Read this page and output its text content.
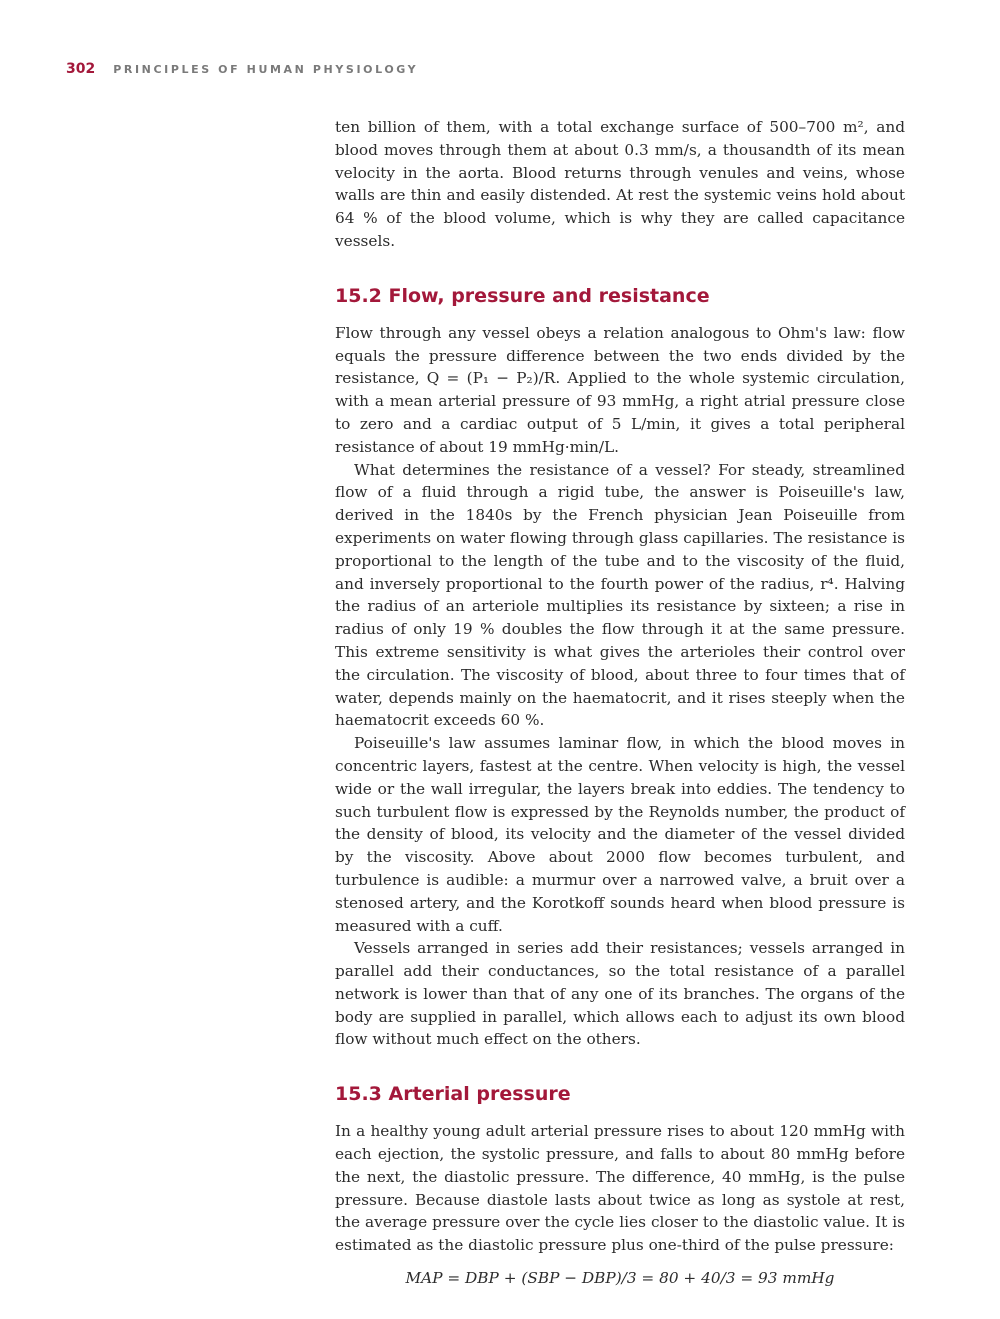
302 PRINCIPLES OF HUMAN PHYSIOLOGY

ten billion of them, with a total exchange surface of 500–700 m², and blood moves through them at about 0.3 mm/s, a thousandth of its mean velocity in the aorta. Blood returns through venules and veins, whose walls are thin and easily distended. At rest the systemic veins hold about 64 % of the blood volume, which is why they are called capacitance vessels.

15.2 Flow, pressure and resistance

Flow through any vessel obeys a relation analogous to Ohm's law: flow equals the pressure difference between the two ends divided by the resistance, Q = (P₁ − P₂)/R. Applied to the whole systemic circulation, with a mean arterial pressure of 93 mmHg, a right atrial pressure close to zero and a cardiac output of 5 L/min, it gives a total peripheral resistance of about 19 mmHg·min/L.

What determines the resistance of a vessel? For steady, streamlined flow of a fluid through a rigid tube, the answer is Poiseuille's law, derived in the 1840s by the French physician Jean Poiseuille from experiments on water flowing through glass capillaries. The resistance is proportional to the length of the tube and to the viscosity of the fluid, and inversely proportional to the fourth power of the radius, r⁴. Halving the radius of an arteriole multiplies its resistance by sixteen; a rise in radius of only 19 % doubles the flow through it at the same pressure. This extreme sensitivity is what gives the arterioles their control over the circulation. The viscosity of blood, about three to four times that of water, depends mainly on the haematocrit, and it rises steeply when the haematocrit exceeds 60 %.

Poiseuille's law assumes laminar flow, in which the blood moves in concentric layers, fastest at the centre. When velocity is high, the vessel wide or the wall irregular, the layers break into eddies. The tendency to such turbulent flow is expressed by the Reynolds number, the product of the density of blood, its velocity and the diameter of the vessel divided by the viscosity. Above about 2000 flow becomes turbulent, and turbulence is audible: a murmur over a narrowed valve, a bruit over a stenosed artery, and the Korotkoff sounds heard when blood pressure is measured with a cuff.

Vessels arranged in series add their resistances; vessels arranged in parallel add their conductances, so the total resistance of a parallel network is lower than that of any one of its branches. The organs of the body are supplied in parallel, which allows each to adjust its own blood flow without much effect on the others.

15.3 Arterial pressure

In a healthy young adult arterial pressure rises to about 120 mmHg with each ejection, the systolic pressure, and falls to about 80 mmHg before the next, the diastolic pressure. The difference, 40 mmHg, is the pulse pressure. Because diastole lasts about twice as long as systole at rest, the average pressure over the cycle lies closer to the diastolic value. It is estimated as the diastolic pressure plus one-third of the pulse pressure:

MAP = DBP + (SBP − DBP)/3 = 80 + 40/3 = 93 mmHg
